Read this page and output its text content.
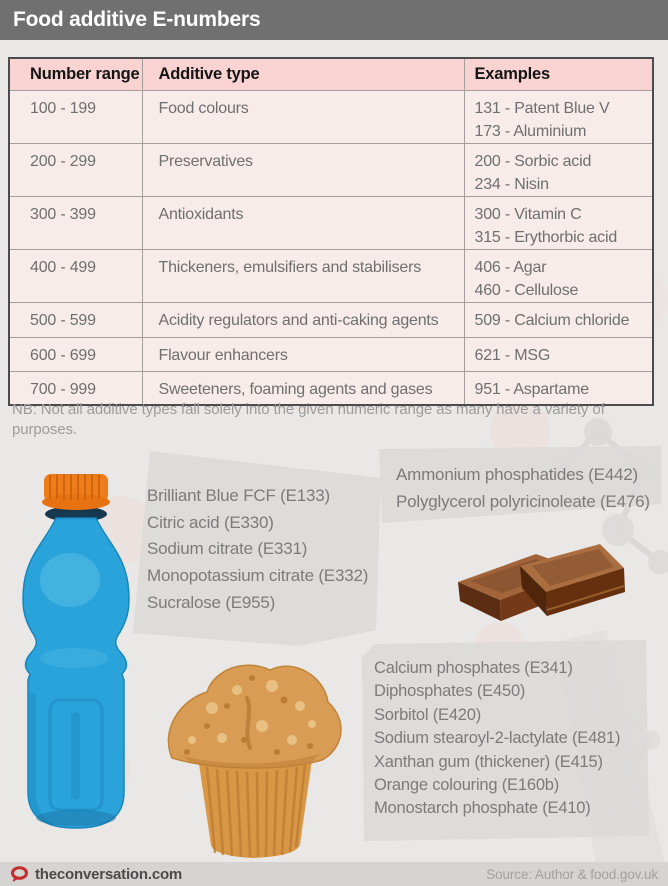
Food additive E-numbers
Number range	Additive type	Examples
100 - 199	Food colours	131 - Patent Blue V
173 - Aluminium

200 - 299	Preservatives	200 - Sorbic acid
234 - Nisin

300 - 399	Antioxidants	300 - Vitamin C
315 - Erythorbic acid

400 - 499	Thickeners, emulsifiers and stabilisers	406 - Agar
460 - Cellulose

500 - 599	Acidity regulators and anti-caking agents	509 - Calcium chloride

600 - 699	Flavour enhancers	621 - MSG

700 - 999	Sweeteners, foaming agents and gases	951 - Aspartame
NB: Not all additive types fall solely into the given numeric range as many have a variety of purposes.
Brilliant Blue FCF (E133)
Citric acid (E330)
Sodium citrate (E331)
Monopotassium citrate (E332)
Sucralose (E955)
Ammonium phosphatides (E442)
Polyglycerol polyricinoleate (E476)
Calcium phosphates (E341)
Diphosphates (E450)
Sorbitol (E420)
Sodium stearoyl-2-lactylate (E481)
Xanthan gum (thickener) (E415)
Orange colouring (E160b)
Monostarch phosphate (E410)
theconversation.com	Source: Author & food.gov.uk
